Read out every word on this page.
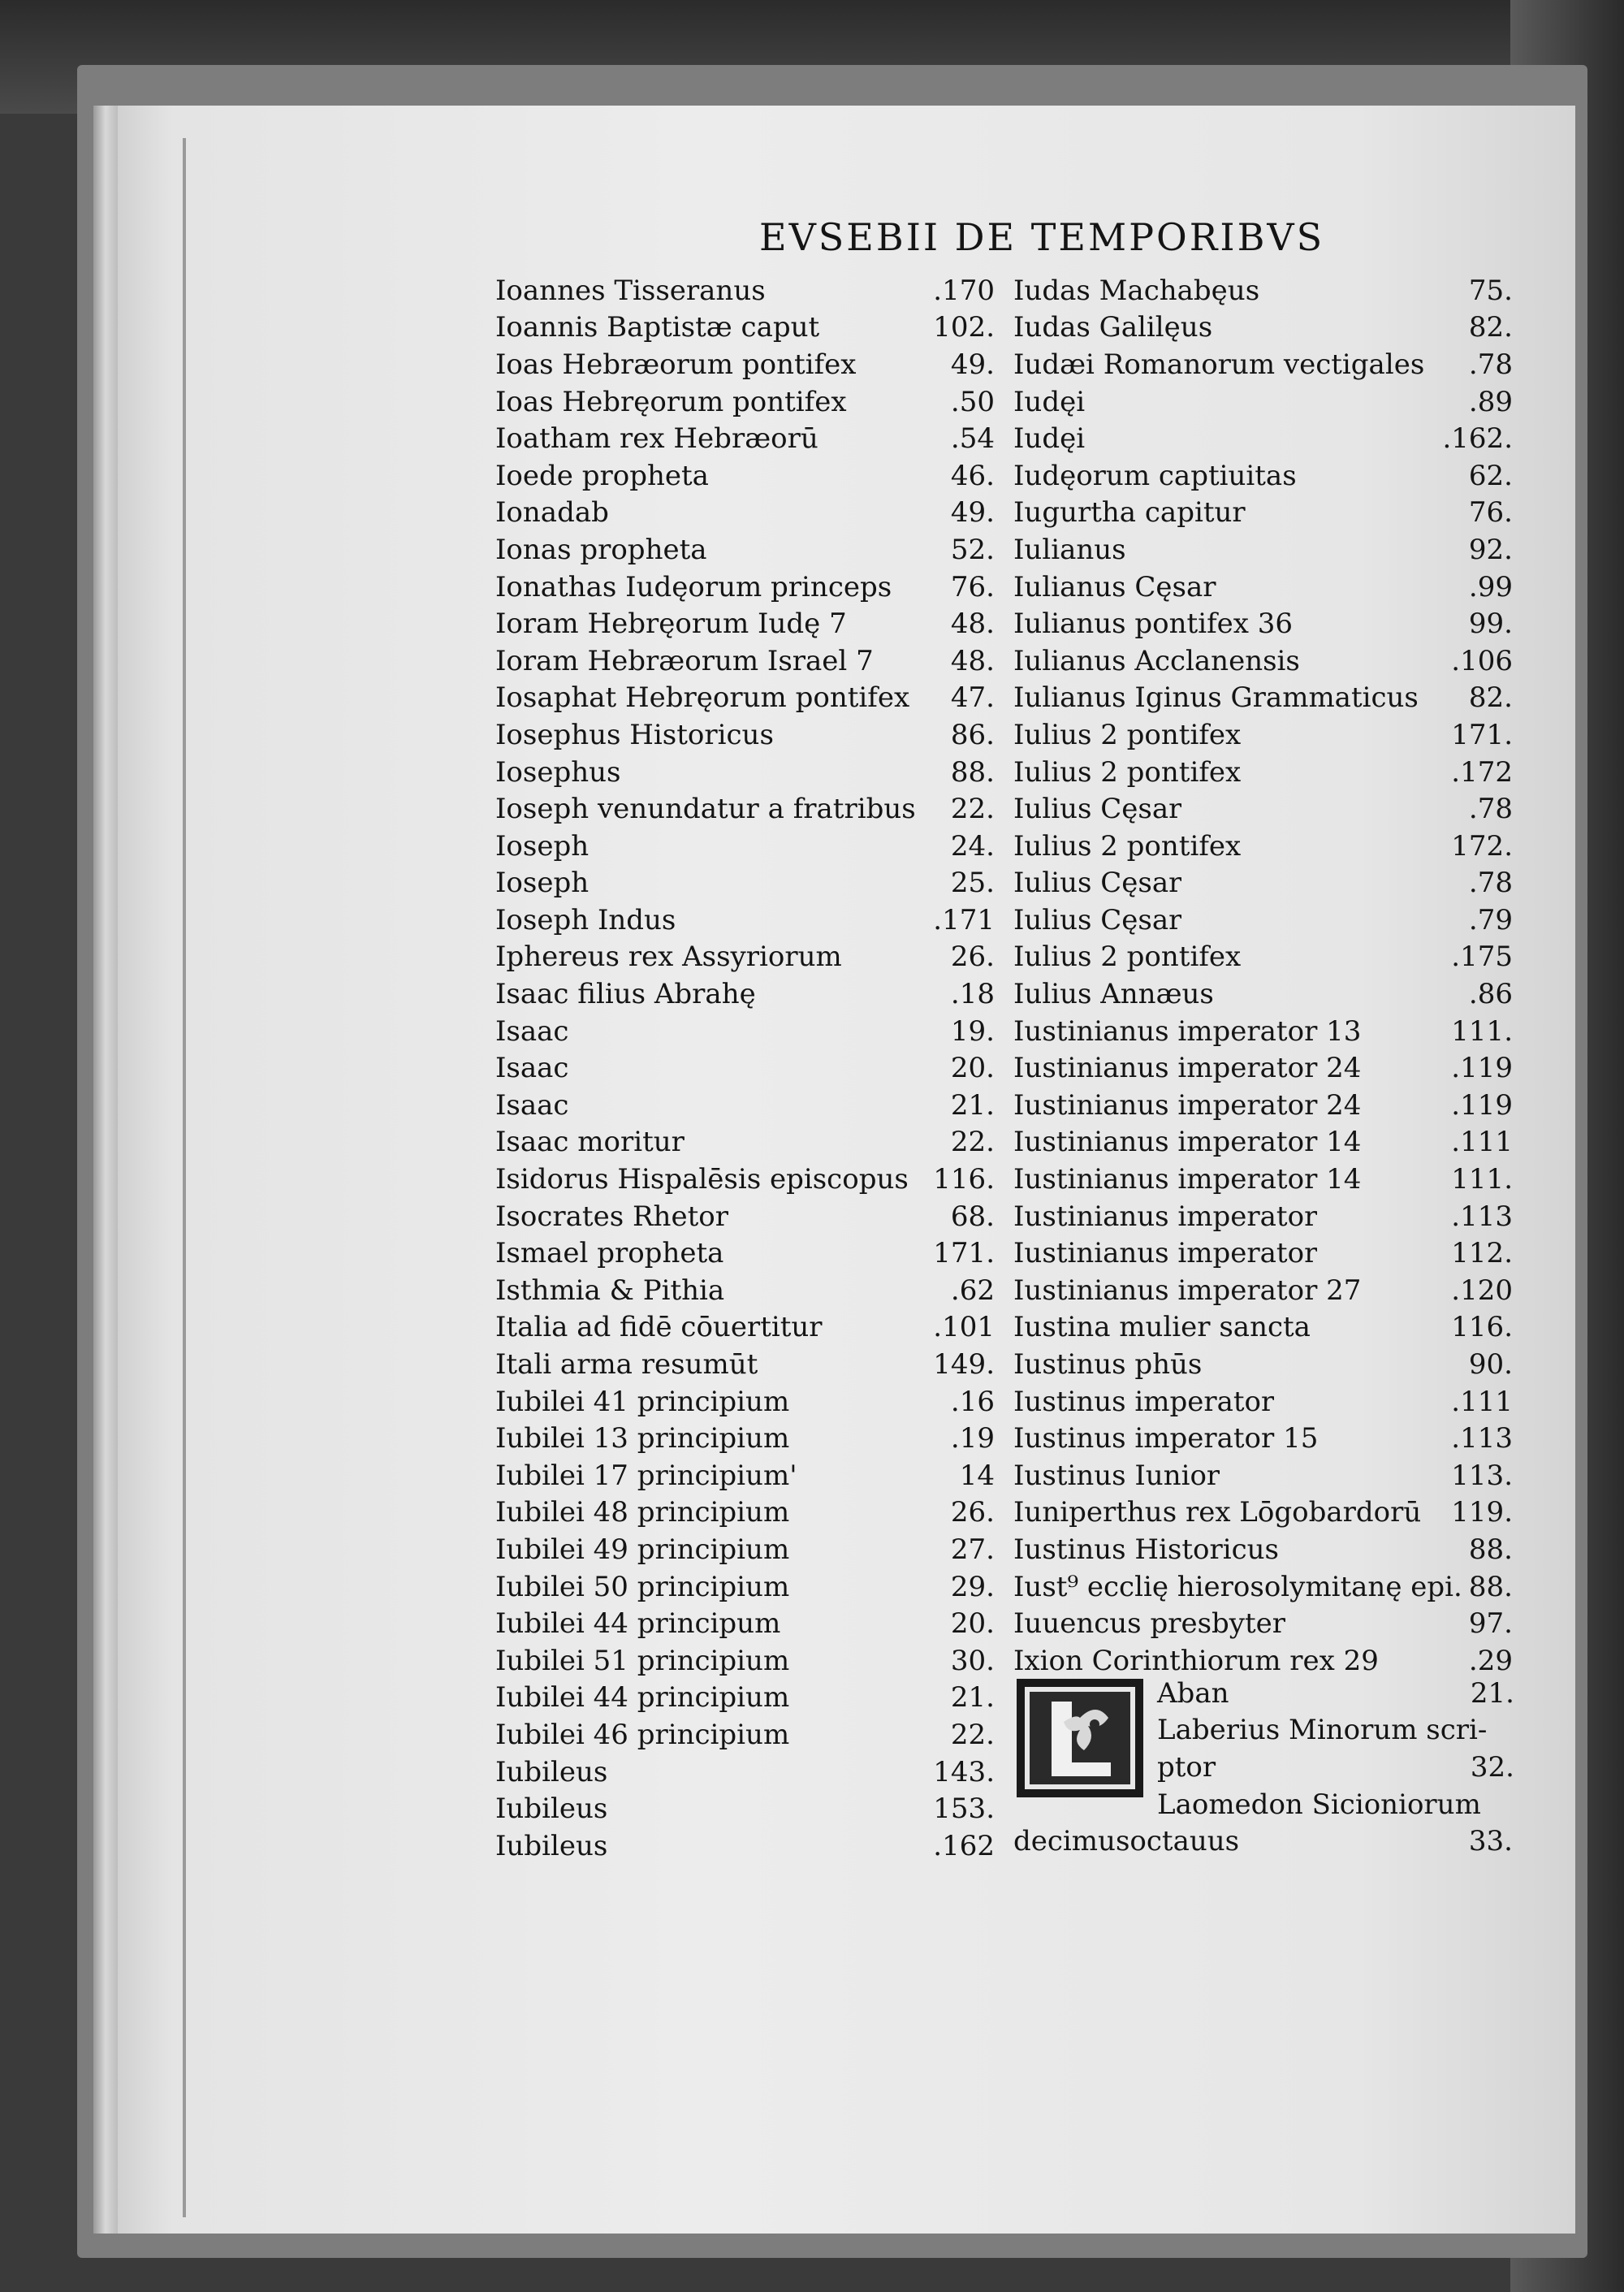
EVSEBII DE TEMPORIBVS
Ioannes Tisseranus	.170
Ioannis Baptistæ caput	102.
Ioas Hebræorum pontifex	49.
Ioas Hebręorum pontifex	.50
Ioatham rex Hebræorū	.54
Ioede propheta	46.
Ionadab	49.
Ionas propheta	52.
Ionathas Iudęorum princeps 76.
Ioram Hebręorum Iudę 7	48.
Ioram Hebræorum Israel 7	48.
Iosaphat Hebręorum pontifex 47.
Iosephus Historicus	86.
Iosephus	88.
Ioseph venundatur a fratribus 22.
Ioseph	24.
Ioseph	25.
Ioseph Indus	.171
Iphereus rex Assyriorum	26.
Isaac filius Abrahę	.18
Isaac	19.
Isaac	20.
Isaac	21.
Isaac moritur	22.
Isidorus Hispalēsis episcopus 116.
Isocrates Rhetor	68.
Ismael propheta	171.
Isthmia & Pithia	.62
Italia ad fidē cōuertitur	.101
Itali arma resumūt	149.
Iubilei 41 principium	.16
Iubilei 13 principium	.19
Iubilei 17 principium'	14
Iubilei 48 principium	26.
Iubilei 49 principium	27.
Iubilei 50 principium	29.
Iubilei 44 principum	20.
Iubilei 51 principium	30.
Iubilei 44 principium	21.
Iubilei 46 principium	22.
Iubileus	143.
Iubileus	153.
Iubileus	.162
Iudas Machabęus	75.
Iudas Galilęus	82.
Iudæi Romanorum vectigales .78
Iudęi	.89
Iudęi	.162.
Iudęorum captiuitas	62.
Iugurtha capitur	76.
Iulianus	92.
Iulianus Cęsar	.99
Iulianus pontifex 36	99.
Iulianus Acclanensis	.106
Iulianus Iginus Grammaticus 82.
Iulius 2 pontifex	171.
Iulius 2 pontifex	.172
Iulius Cęsar	.78
Iulius 2 pontifex	172.
Iulius Cęsar	.78
Iulius Cęsar	.79
Iulius 2 pontifex	.175
Iulius Annæus	.86
Iustinianus imperator 13	111.
Iustinianus imperator 24	.119
Iustinianus imperator 24	.119
Iustinianus imperator 14	.111
Iustinianus imperator 14	111.
Iustinianus imperator	.113
Iustinianus imperator	112.
Iustinianus imperator 27	.120
Iustina mulier sancta	116.
Iustinus phūs	90.
Iustinus imperator	.111
Iustinus imperator 15	.113
Iustinus Iunior	113.
Iuniperthus rex Lōgobardorū 119.
Iustinus Historicus	88.
Iust⁹ ecclię hierosolymitanę epi. 88.
Iuuencus presbyter	97.
Ixion Corinthiorum rex 29	.29
Aban	21.
Laberius Minorum scri-
ptor	32.
Laomedon Sicioniorum
decimusoctauus	33.
